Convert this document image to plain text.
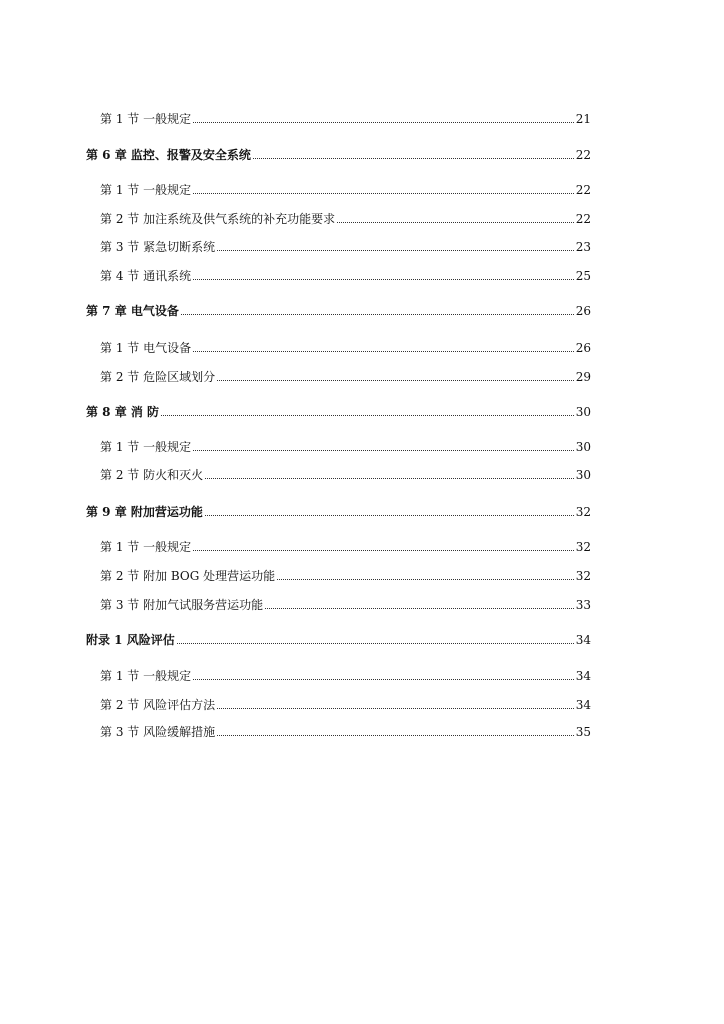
第 1 节 一般规定	21
第 6 章 监控、报警及安全系统	22
第 1 节 一般规定	22
第 2 节 加注系统及供气系统的补充功能要求	22
第 3 节 紧急切断系统	23
第 4 节 通讯系统	25
第 7 章 电气设备	26
第 1 节 电气设备	26
第 2 节 危险区域划分	29
第 8 章 消 防	30
第 1 节 一般规定	30
第 2 节 防火和灭火	30
第 9 章 附加营运功能	32
第 1 节 一般规定	32
第 2 节 附加 BOG 处理营运功能	32
第 3 节 附加气试服务营运功能	33
附录 1 风险评估	34
第 1 节 一般规定	34
第 2 节 风险评估方法	34
第 3 节 风险缓解措施	35
